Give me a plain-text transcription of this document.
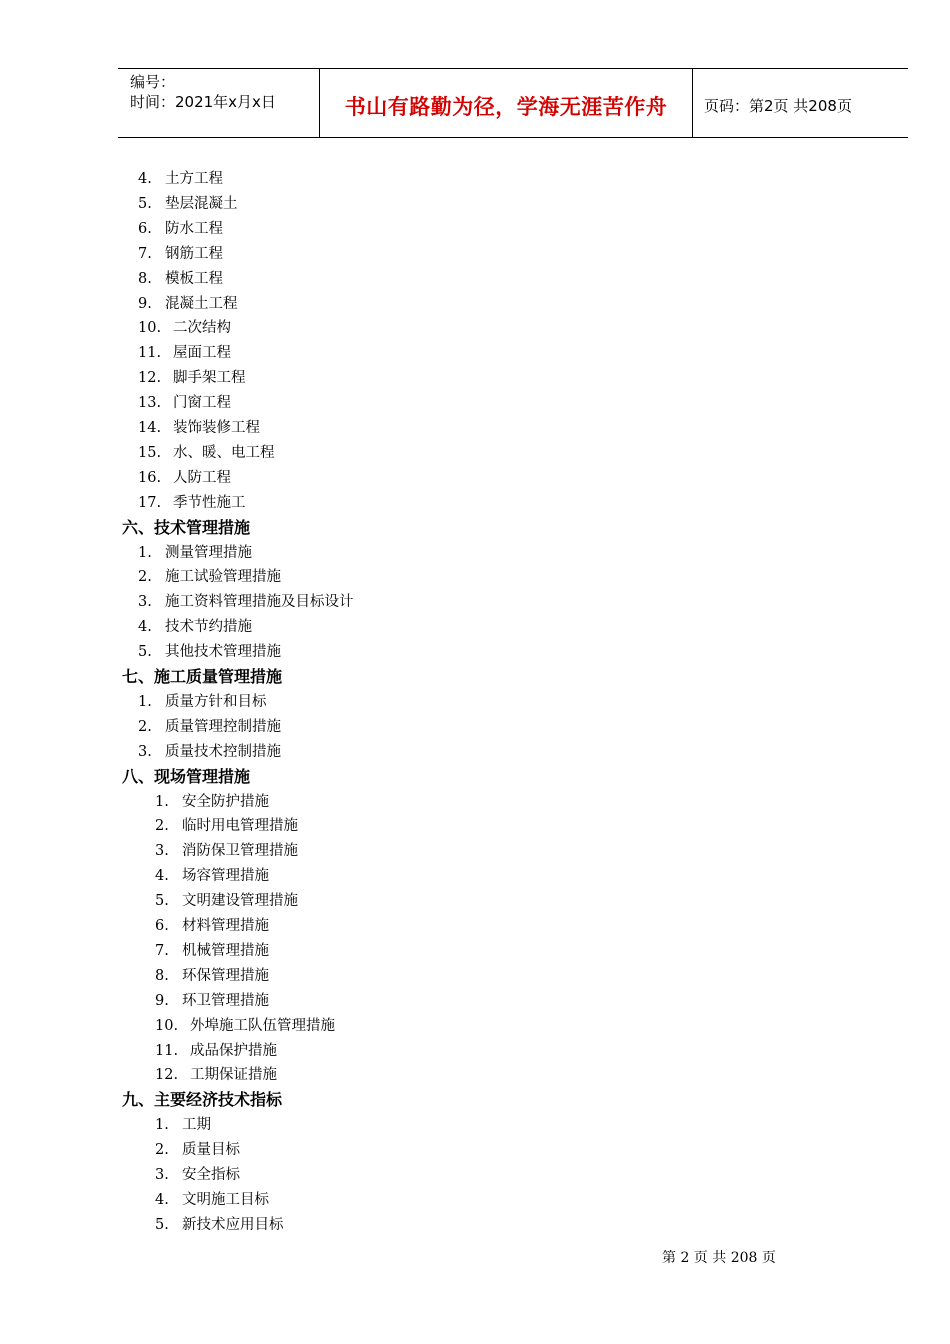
编号：
时间：2021年x月x日	书山有路勤为径，学海无涯苦作舟	页码：第2页 共208页
4. 土方工程
5. 垫层混凝土
6. 防水工程
7. 钢筋工程
8. 模板工程
9. 混凝土工程
10. 二次结构
11. 屋面工程
12. 脚手架工程
13. 门窗工程
14. 装饰装修工程
15. 水、暖、电工程
16. 人防工程
17. 季节性施工
六、技术管理措施
1. 测量管理措施
2. 施工试验管理措施
3. 施工资料管理措施及目标设计
4. 技术节约措施
5. 其他技术管理措施
七、施工质量管理措施
1. 质量方针和目标
2. 质量管理控制措施
3. 质量技术控制措施
八、现场管理措施
1. 安全防护措施
2. 临时用电管理措施
3. 消防保卫管理措施
4. 场容管理措施
5. 文明建设管理措施
6. 材料管理措施
7. 机械管理措施
8. 环保管理措施
9. 环卫管理措施
10. 外埠施工队伍管理措施
11. 成品保护措施
12. 工期保证措施
九、主要经济技术指标
1. 工期
2. 质量目标
3. 安全指标
4. 文明施工目标
5. 新技术应用目标
第 2 页 共 208 页
